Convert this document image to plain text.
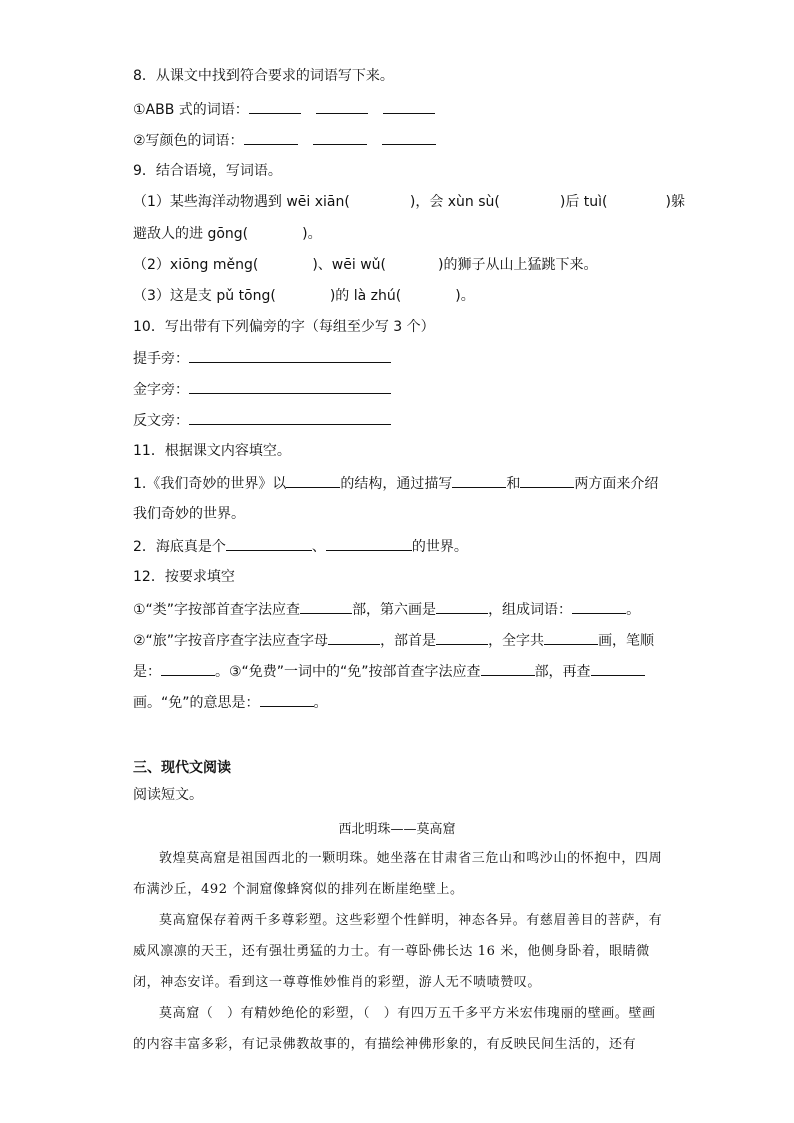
8．从课文中找到符合要求的词语写下来。
①ABB 式的词语：
②写颜色的词语：
9．结合语境，写词语。
（1）某些海洋动物遇到 wēi xiān(	)，会 xùn sù(	)后 tuì(	)躲
避敌人的进 gōng(	)。
（2）xiōng měng(	)、wēi wǔ(	)的狮子从山上猛跳下来。
（3）这是支 pǔ tōng(	)的 là zhú(	)。
10．写出带有下列偏旁的字（每组至少写 3 个）
提手旁：
金字旁：
反文旁：
11．根据课文内容填空。
1.《我们奇妙的世界》以	的结构，通过描写	和	两方面来介绍
我们奇妙的世界。
2．海底真是个	、	的世界。
12．按要求填空
①“类”字按部首查字法应查	部，第六画是	，组成词语：	。
②“旅”字按音序查字法应查字母	，部首是	，全字共	画，笔顺
是：	。③“免费”一词中的“免”按部首查字法应查	部，再查
画。“免”的意思是：	。
三、现代文阅读
阅读短文。
西北明珠——莫高窟
敦煌莫高窟是祖国西北的一颗明珠。她坐落在甘肃省三危山和鸣沙山的怀抱中，四周布满沙丘，492 个洞窟像蜂窝似的排列在断崖绝壁上。
莫高窟保存着两千多尊彩塑。这些彩塑个性鲜明，神态各异。有慈眉善目的菩萨，有威风凛凛的天王，还有强壮勇猛的力士。有一尊卧佛长达 16 米，他侧身卧着，眼睛微闭，神态安详。看到这一尊尊惟妙惟肖的彩塑，游人无不啧啧赞叹。
莫高窟（　）有精妙绝伦的彩塑，（　）有四万五千多平方米宏伟瑰丽的壁画。壁画的内容丰富多彩，有记录佛教故事的，有描绘神佛形象的，有反映民间生活的，还有
